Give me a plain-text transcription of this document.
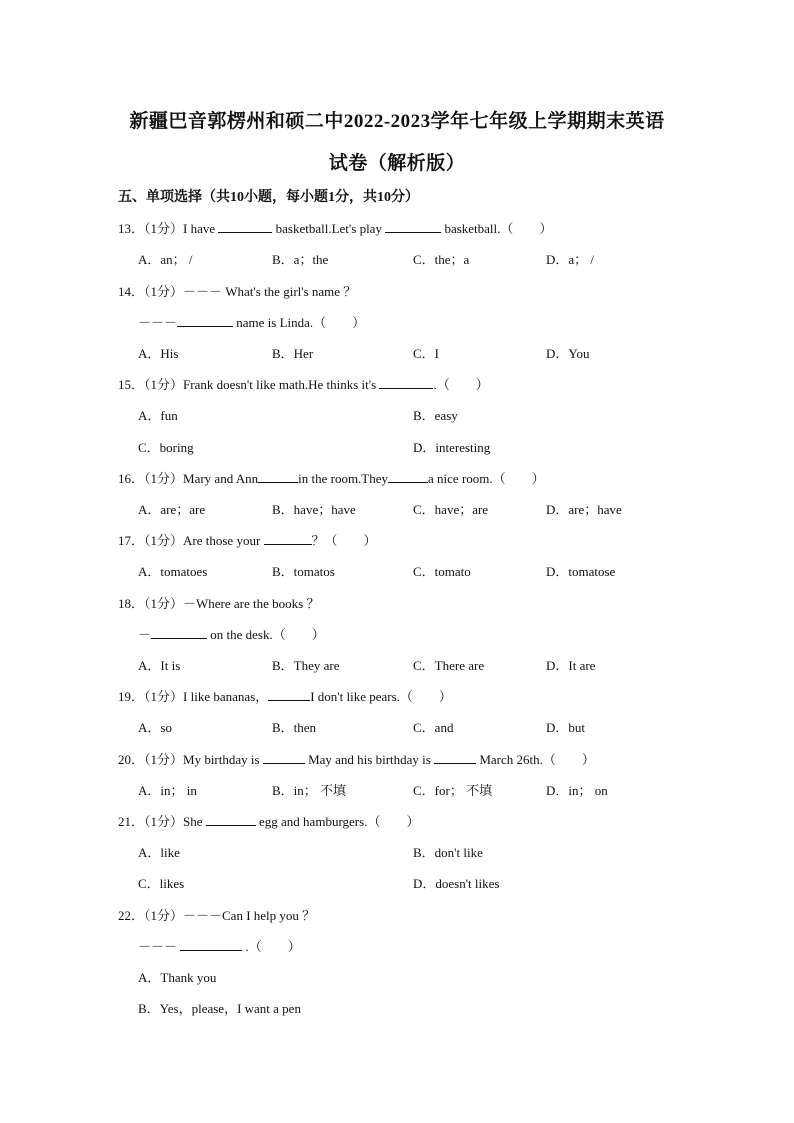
新疆巴音郭楞州和硕二中2022-2023学年七年级上学期期末英语
试卷（解析版）
五、单项选择（共10小题，每小题1分，共10分）
13．（1分）I have	basketball.Let's play	basketball.（　　）
A．an； /	B．a；the	C．the；a	D．a； /
14．（1分）－－－ What's the girl's name ？
－－－	name is Linda.（　　）
A．His	B．Her	C．I	D．You
15．（1分）Frank doesn't like math.He thinks it's	.（　　）
A．fun	B．easy
C．boring	D．interesting
16．（1分）Mary and Ann	in the room.They	a nice room.（　　）
A．are；are	B．have；have	C．have；are	D．are；have
17．（1分）Are those your	？（　　）
A．tomatoes	B．tomatos	C．tomato	D．tomatose
18．（1分）－Where are the books ？
－	on the desk.（　　）
A．It is	B．They are	C．There are	D．It are
19．（1分）I like bananas，	I don't like pears.（　　）
A．so	B．then	C．and	D．but
20．（1分）My birthday is	May and his birthday is	March 26th.（　　）
A．in； in	B．in； 不填	C．for； 不填	D．in； on
21．（1分）She	egg and hamburgers.（　　）
A．like	B．don't like
C．likes	D．doesn't likes
22．（1分）－－－Can I help you ？
－－－	.（　　）
A．Thank you
B．Yes，please，I want a pen
